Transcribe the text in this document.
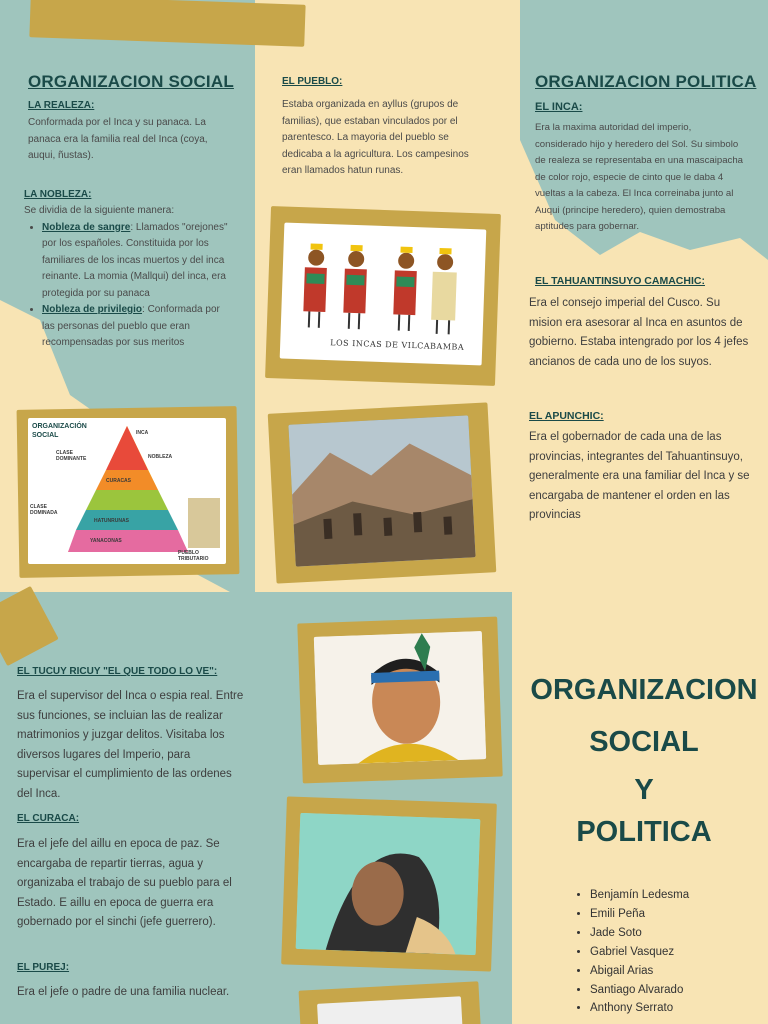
ORGANIZACION SOCIAL
LA REALEZA:
Conformada por el Inca y su panaca. La panaca era la familia real del Inca (coya, auqui, ñustas).
LA NOBLEZA:
Se dividia de la siguiente manera:
• Nobleza de sangre: Llamados "orejones" por los españoles. Constituida por los familiares de los incas muertos y del inca reinante. La momia (Mallqui) del inca, era protegida por su panaca
• Nobleza de privilegio: Conformada por las personas del pueblo que eran recompensadas por sus meritos
ORGANIZACIÓN SOCIAL
CLASE DOMINANTE
CLASE DOMINADA
INCA
NOBLEZA
CURACAS
HATUNRUNAS
YANACONAS
PUEBLO TRIBUTARIO
EL PUEBLO:
Estaba organizada en ayllus (grupos de familias), que estaban vinculados por el parentesco. La mayoria del pueblo se dedicaba a la agricultura. Los campesinos eran llamados hatun runas.
LOS INCAS DE VILCABAMBA
ORGANIZACION POLITICA
EL INCA:
Era la maxima autoridad del imperio, considerado hijo y heredero del Sol. Su simbolo de realeza se representaba en una mascaipacha de color rojo, especie de cinto que le daba 4 vueltas a la cabeza. El Inca correinaba junto al Auqui (principe heredero), quien demostraba aptitudes para gobernar.
EL TAHUANTINSUYO CAMACHIC:
Era el consejo imperial del Cusco. Su mision era asesorar al Inca en asuntos de gobierno. Estaba intengrado por los 4 jefes ancianos de cada uno de los suyos.
EL APUNCHIC:
Era el gobernador de cada una de las provincias, integrantes del Tahuantinsuyo, generalmente era una familiar del Inca y se encargaba de mantener el orden en las provincias
EL TUCUY RICUY "EL QUE TODO LO VE":
Era el supervisor del Inca o espia real. Entre sus funciones, se incluian las de realizar matrimonios y juzgar delitos. Visitaba los diversos lugares del Imperio, para supervisar el cumplimiento de las ordenes del Inca.
EL CURACA:
Era el jefe del aillu en epoca de paz. Se encargaba de repartir tierras, agua y organizaba el trabajo de su pueblo para el Estado. E aillu en epoca de guerra era gobernado por el sinchi (jefe guerrero).
EL PUREJ:
Era el jefe o padre de una familia nuclear.
ORGANIZACION
SOCIAL
Y
POLITICA
• Benjamín Ledesma
• Emili Peña
• Jade Soto
• Gabriel Vasquez
• Abigail Arias
• Santiago Alvarado
• Anthony Serrato
